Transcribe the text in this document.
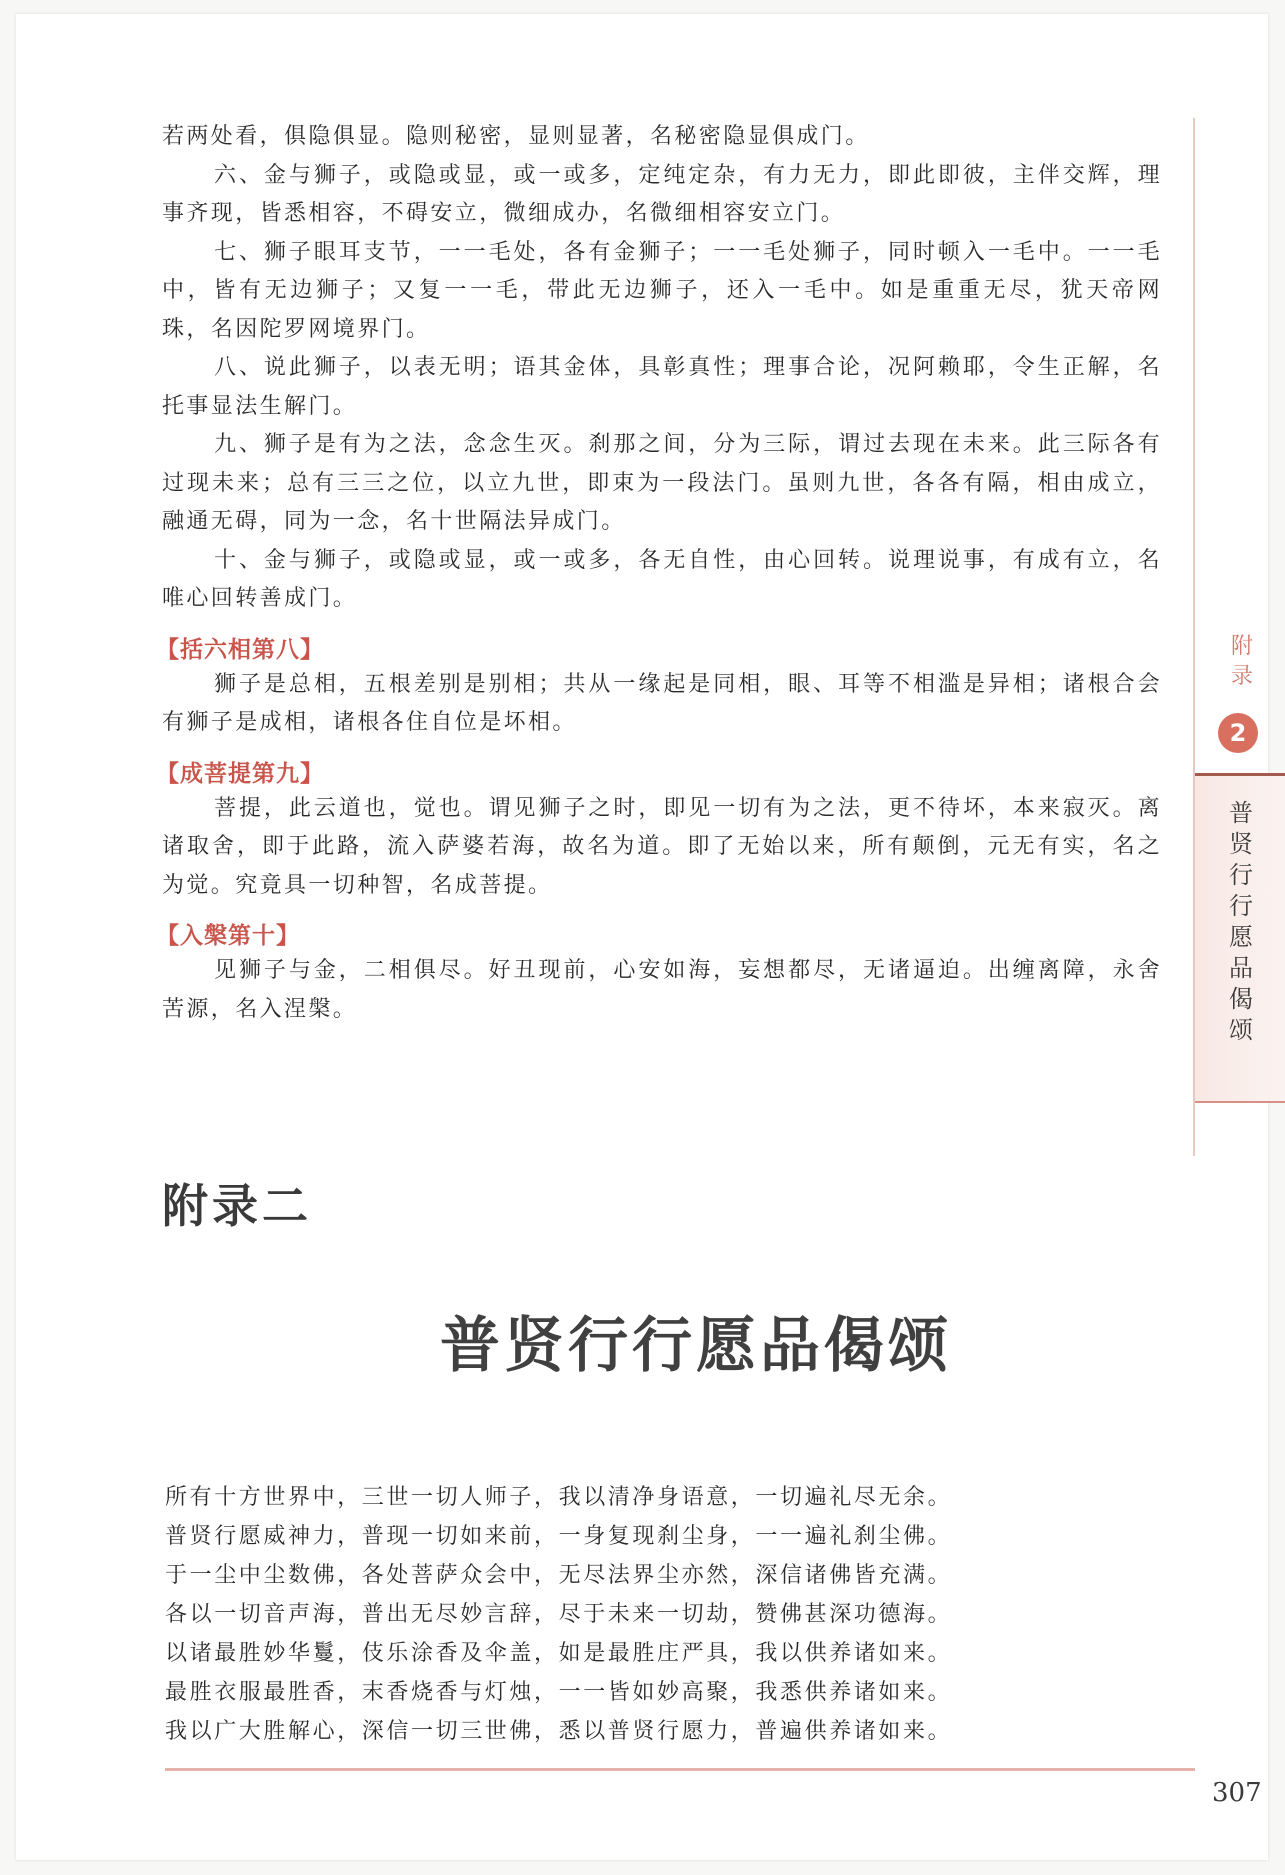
附录
2
普贤行行愿品偈颂

若两处看，俱隐俱显。隐则秘密，显则显著，名秘密隐显俱成门。

六、金与狮子，或隐或显，或一或多，定纯定杂，有力无力，即此即彼，主伴交辉，理事齐现，皆悉相容，不碍安立，微细成办，名微细相容安立门。

七、狮子眼耳支节，一一毛处，各有金狮子；一一毛处狮子，同时顿入一毛中。一一毛中，皆有无边狮子；又复一一毛，带此无边狮子，还入一毛中。如是重重无尽，犹天帝网珠，名因陀罗网境界门。

八、说此狮子，以表无明；语其金体，具彰真性；理事合论，况阿赖耶，令生正解，名托事显法生解门。

九、狮子是有为之法，念念生灭。刹那之间，分为三际，谓过去现在未来。此三际各有过现未来；总有三三之位，以立九世，即束为一段法门。虽则九世，各各有隔，相由成立，融通无碍，同为一念，名十世隔法异成门。

十、金与狮子，或隐或显，或一或多，各无自性，由心回转。说理说事，有成有立，名唯心回转善成门。

【括六相第八】

狮子是总相，五根差别是别相；共从一缘起是同相，眼、耳等不相滥是异相；诸根合会有狮子是成相，诸根各住自位是坏相。

【成菩提第九】

菩提，此云道也，觉也。谓见狮子之时，即见一切有为之法，更不待坏，本来寂灭。离诸取舍，即于此路，流入萨婆若海，故名为道。即了无始以来，所有颠倒，元无有实，名之为觉。究竟具一切种智，名成菩提。

【入槃第十】

见狮子与金，二相俱尽。好丑现前，心安如海，妄想都尽，无诸逼迫。出缠离障，永舍苦源，名入涅槃。

附录二
普贤行行愿品偈颂

所有十方世界中，三世一切人师子，我以清净身语意，一切遍礼尽无余。

普贤行愿威神力，普现一切如来前，一身复现刹尘身，一一遍礼刹尘佛。

于一尘中尘数佛，各处菩萨众会中，无尽法界尘亦然，深信诸佛皆充满。

各以一切音声海，普出无尽妙言辞，尽于未来一切劫，赞佛甚深功德海。

以诸最胜妙华鬘，伎乐涂香及伞盖，如是最胜庄严具，我以供养诸如来。

最胜衣服最胜香，末香烧香与灯烛，一一皆如妙高聚，我悉供养诸如来。

我以广大胜解心，深信一切三世佛，悉以普贤行愿力，普遍供养诸如来。

307
